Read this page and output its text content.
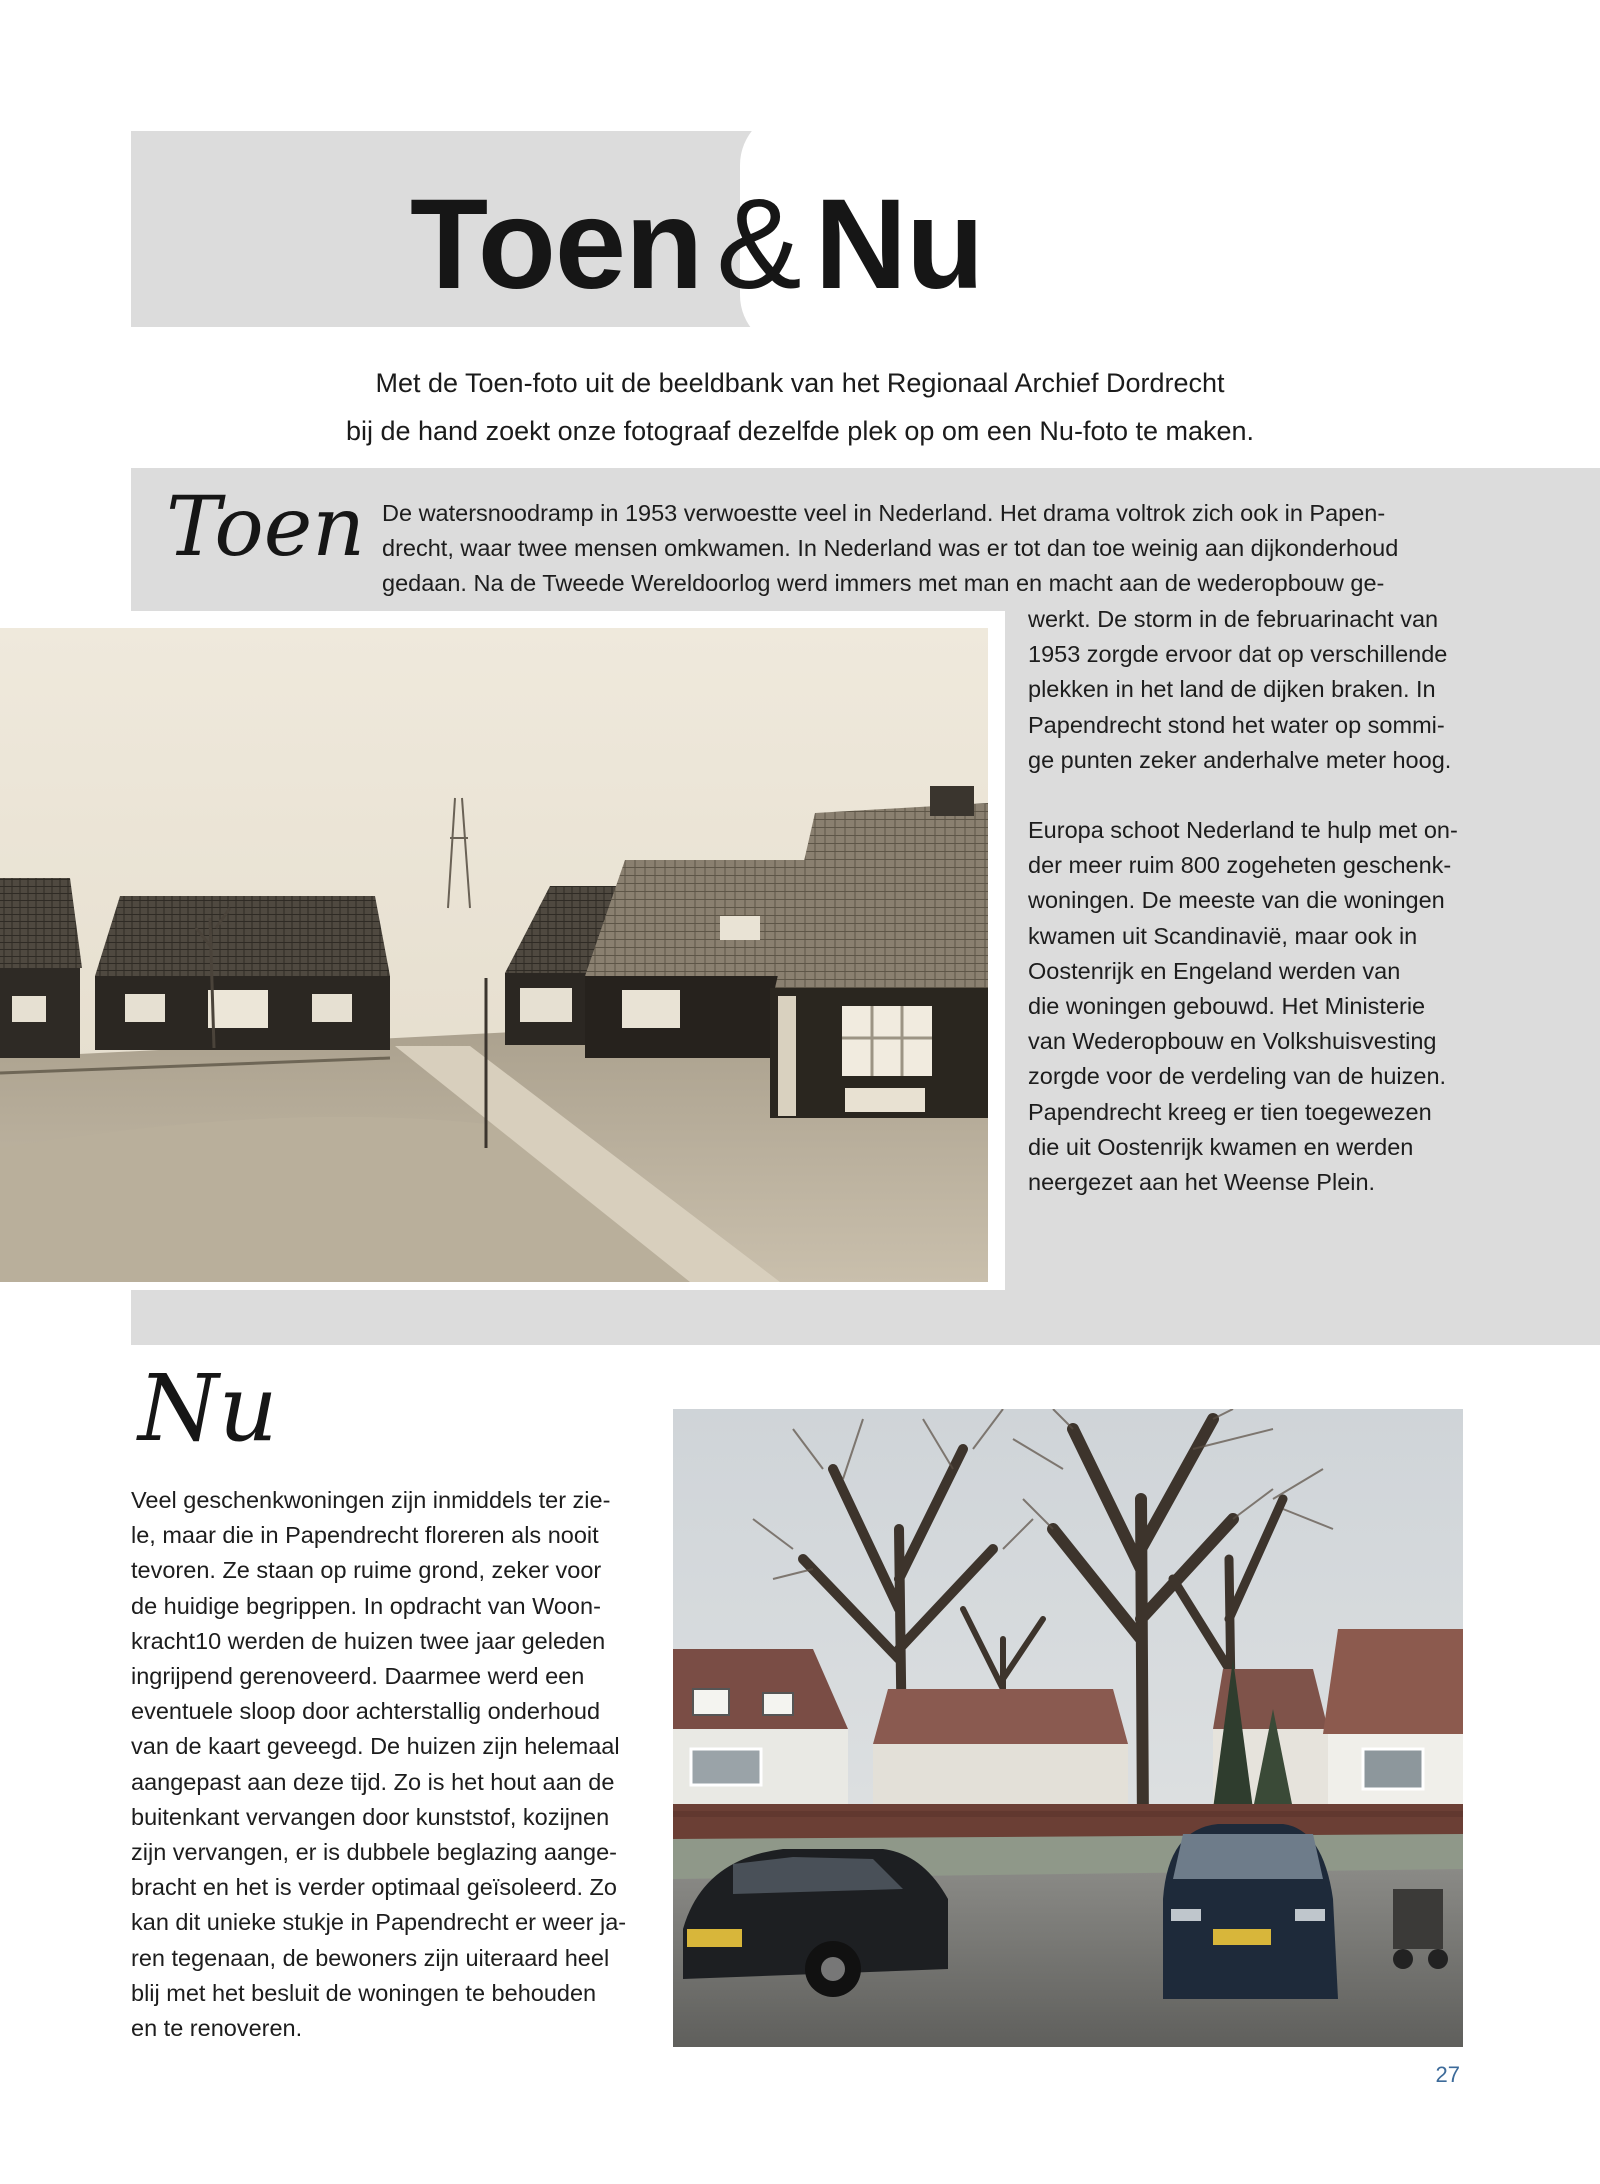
Toen & Nu
Met de Toen-foto uit de beeldbank van het Regionaal Archief Dordrecht
bij de hand zoekt onze fotograaf dezelfde plek op om een Nu-foto te maken.
Toen De watersnoodramp in 1953 verwoestte veel in Nederland. Het drama voltrok zich ook in Papen-
drecht, waar twee mensen omkwamen. In Nederland was er tot dan toe weinig aan dijkonderhoud
gedaan. Na de Tweede Wereldoorlog werd immers met man en macht aan de wederopbouw ge-
werkt. De storm in de februarinacht van
1953 zorgde ervoor dat op verschillende
plekken in het land de dijken braken. In
Papendrecht stond het water op sommi-
ge punten zeker anderhalve meter hoog.
Europa schoot Nederland te hulp met on-
der meer ruim 800 zogeheten geschenk-
woningen. De meeste van die woningen
kwamen uit Scandinavië, maar ook in
Oostenrijk en Engeland werden van
die woningen gebouwd. Het Ministerie
van Wederopbouw en Volkshuisvesting
zorgde voor de verdeling van de huizen.
Papendrecht kreeg er tien toegewezen
die uit Oostenrijk kwamen en werden
neergezet aan het Weense Plein.
Nu
Veel geschenkwoningen zijn inmiddels ter zie-
le, maar die in Papendrecht floreren als nooit
tevoren. Ze staan op ruime grond, zeker voor
de huidige begrippen. In opdracht van Woon-
kracht10 werden de huizen twee jaar geleden
ingrijpend gerenoveerd. Daarmee werd een
eventuele sloop door achterstallig onderhoud
van de kaart geveegd. De huizen zijn helemaal
aangepast aan deze tijd. Zo is het hout aan de
buitenkant vervangen door kunststof, kozijnen
zijn vervangen, er is dubbele beglazing aange-
bracht en het is verder optimaal geïsoleerd. Zo
kan dit unieke stukje in Papendrecht er weer ja-
ren tegenaan, de bewoners zijn uiteraard heel
blij met het besluit de woningen te behouden
en te renoveren.
27
